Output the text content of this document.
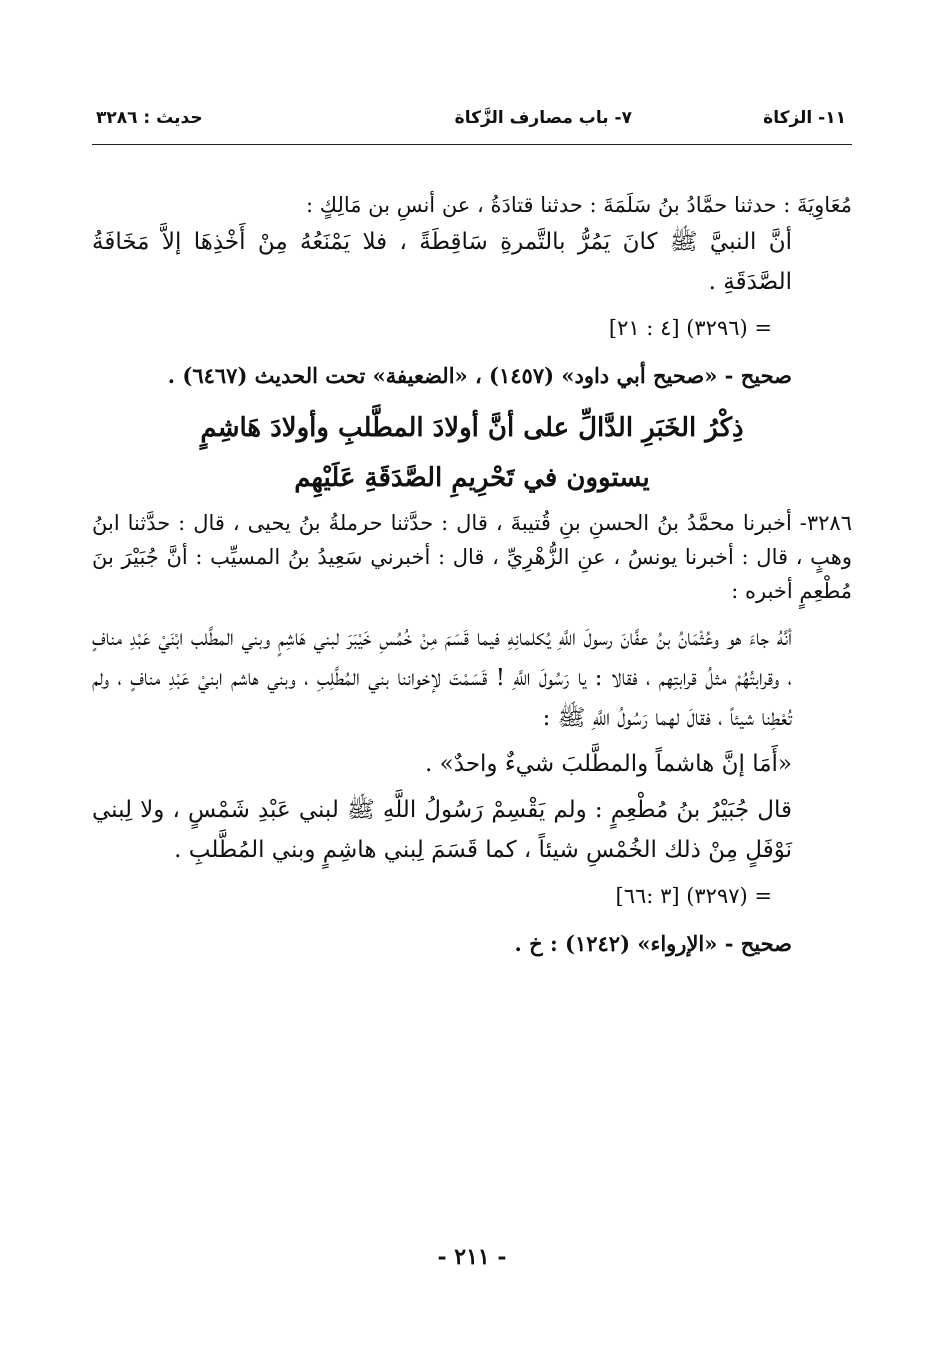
١١- الزكاة
٧- باب مصارف الزَّكاة
حديث : ٣٢٨٦

مُعَاوِيَةَ : حدثنا حمَّادُ بنُ سَلَمَةَ : حدثنا قتادَةُ ، عن أنسِ بن مَالِكٍ :

أنَّ النبيَّ ﷺ كانَ يَمُرُّ بالتَّمرةِ سَاقِطَةً ، فلا يَمْنَعُهُ مِنْ أَخْذِهَا إلاَّ مَخَافَةُ الصَّدَقَةِ .

= (٣٢٩٦) [٤ : ٢١]

صحيح - «صحيح أبي داود» (١٤٥٧) ، «الضعيفة» تحت الحديث (٦٤٦٧) .

ذِكْرُ الخَبَرِ الدَّالِّ على أنَّ أولادَ المطَّلبِ وأولادَ هَاشِمٍ

يستوون في تَحْرِيمِ الصَّدَقَةِ عَلَيْهِم

٣٢٨٦- أخبرنا محمَّدُ بنُ الحسنِ بنِ قُتيبةَ ، قال : حدَّثنا حرملةُ بنُ يحيى ، قال : حدَّثنا ابنُ وهبٍ ، قال : أخبرنا يونسُ ، عنِ الزُّهْرِيِّ ، قال : أخبرني سَعِيدُ بنُ المسيِّب : أنَّ جُبَيْرَ بنَ مُطْعِمٍ أخبره :

أنَّهُ جاءَ هو وعُثْمَانُ بنُ عفَّانَ رسولَ اللَّهِ يُكلمانِهِ فيما قَسَمَ مِنْ خُمُسِ خَيْبَرَ لبني هَاشِمٍ وبني المطَّلب ابْنَيْ عَبْدِ منافٍ ، وقرابتُهُمْ مثلُ قرابتِهم ، فقالا : يا رَسُولَ اللَّهِ ! قَسَمْتَ لإخواننا بني المُطَّلِبِ ، وبني هاشم ابنيْ عَبْدِ منافٍ ، ولم تُعْطِنا شيئاً ، فقالَ لهما رَسُولُ اللَّهِ ﷺ :

«أَمَا إنَّ هاشماً والمطَّلبَ شيءٌ واحدٌ» .

قال جُبَيْرُ بنُ مُطْعِمٍ : ولم يَقْسِمْ رَسُولُ اللَّهِ ﷺ لبني عَبْدِ شَمْسٍ ، ولا لِبني نَوْفَلٍ مِنْ ذلك الخُمْسِ شيئاً ، كما قَسَمَ لِبني هاشِمٍ وبني المُطَّلبِ .

= (٣٢٩٧) [٣ :٦٦]

صحيح - «الإرواء» (١٢٤٢) : خ .

- ٢١١ -
